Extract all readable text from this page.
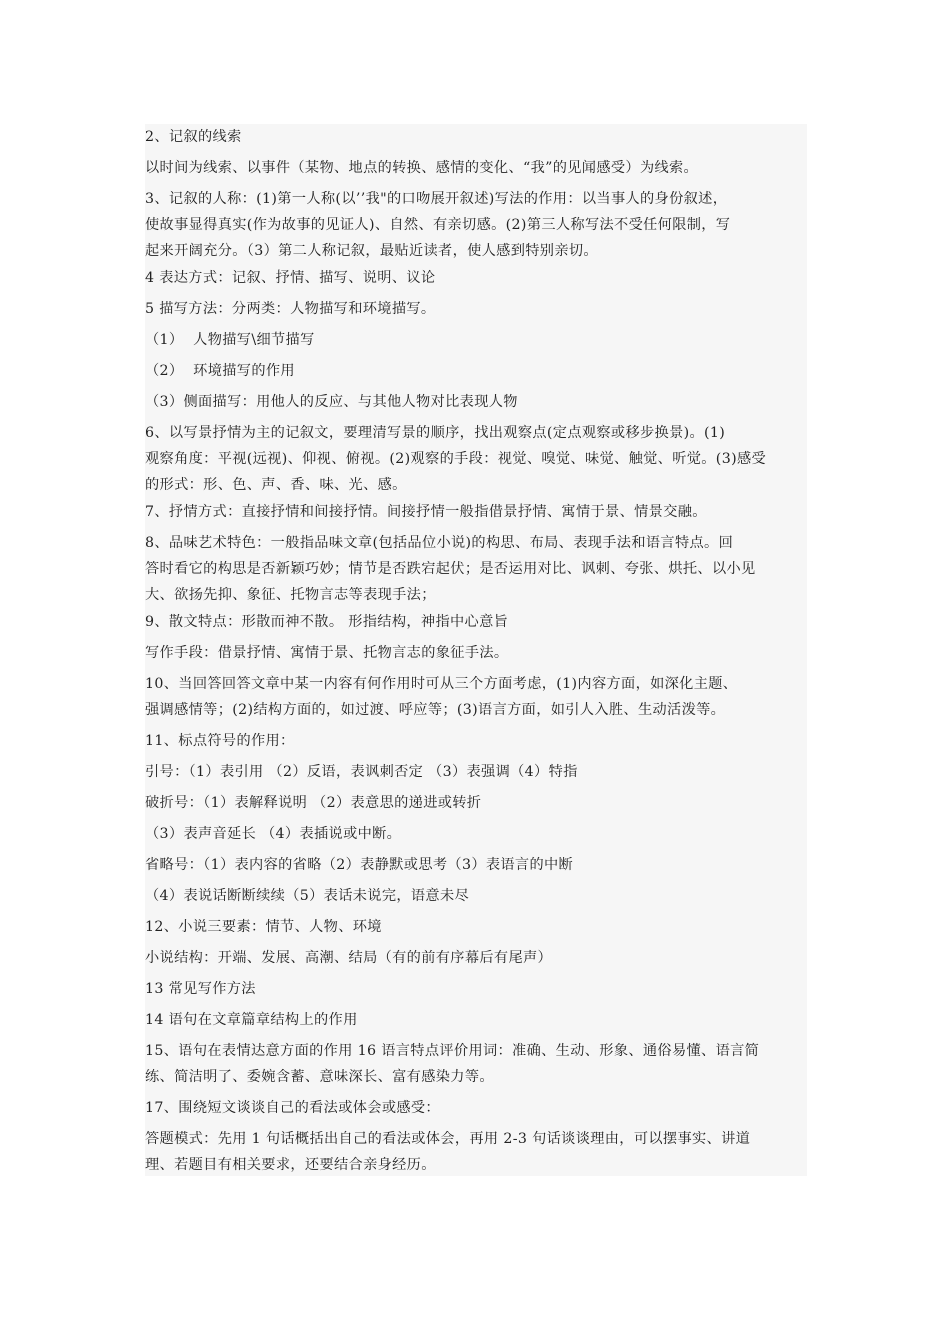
2、记叙的线索
以时间为线索、以事件（某物、地点的转换、感情的变化、“我”的见闻感受）为线索。
3、记叙的人称：(1)第一人称(以’’我"的口吻展开叙述)写法的作用：以当事人的身份叙述，
使故事显得真实(作为故事的见证人)、自然、有亲切感。(2)第三人称写法不受任何限制，写
起来开阔充分。（3）第二人称记叙，最贴近读者，使人感到特别亲切。
4 表达方式：记叙、抒情、描写、说明、议论
5 描写方法：分两类：人物描写和环境描写。
（1）  人物描写\细节描写
（2）  环境描写的作用
（3）侧面描写：用他人的反应、与其他人物对比表现人物
6、以写景抒情为主的记叙文，要理清写景的顺序，找出观察点(定点观察或移步换景)。(1)
观察角度：平视(远视)、仰视、俯视。(2)观察的手段：视觉、嗅觉、味觉、触觉、听觉。(3)感受
的形式：形、色、声、香、味、光、感。
7、抒情方式：直接抒情和间接抒情。间接抒情一般指借景抒情、寓情于景、情景交融。
8、品味艺术特色：一般指品味文章(包括品位小说)的构思、布局、表现手法和语言特点。回
答时看它的构思是否新颖巧妙；情节是否跌宕起伏；是否运用对比、讽刺、夸张、烘托、以小见
大、欲扬先抑、象征、托物言志等表现手法；
9、散文特点：形散而神不散。 形指结构，神指中心意旨
写作手段：借景抒情、寓情于景、托物言志的象征手法。
10、当回答回答文章中某一内容有何作用时可从三个方面考虑，(1)内容方面，如深化主题、
强调感情等；(2)结构方面的，如过渡、呼应等；(3)语言方面，如引人入胜、生动活泼等。
11、标点符号的作用：
引号：（1）表引用 （2）反语，表讽刺否定 （3）表强调（4）特指
破折号：（1）表解释说明 （2）表意思的递进或转折
（3）表声音延长 （4）表插说或中断。
省略号：（1）表内容的省略（2）表静默或思考（3）表语言的中断
（4）表说话断断续续（5）表话未说完，语意未尽
12、小说三要素：情节、人物、环境
小说结构：开端、发展、高潮、结局（有的前有序幕后有尾声）
13 常见写作方法
14 语句在文章篇章结构上的作用
15、语句在表情达意方面的作用 16 语言特点评价用词：准确、生动、形象、通俗易懂、语言简
练、简洁明了、委婉含蓄、意味深长、富有感染力等。
17、围绕短文谈谈自己的看法或体会或感受：
答题模式：先用 1 句话概括出自己的看法或体会，再用 2-3 句话谈谈理由，可以摆事实、讲道
理、若题目有相关要求，还要结合亲身经历。
